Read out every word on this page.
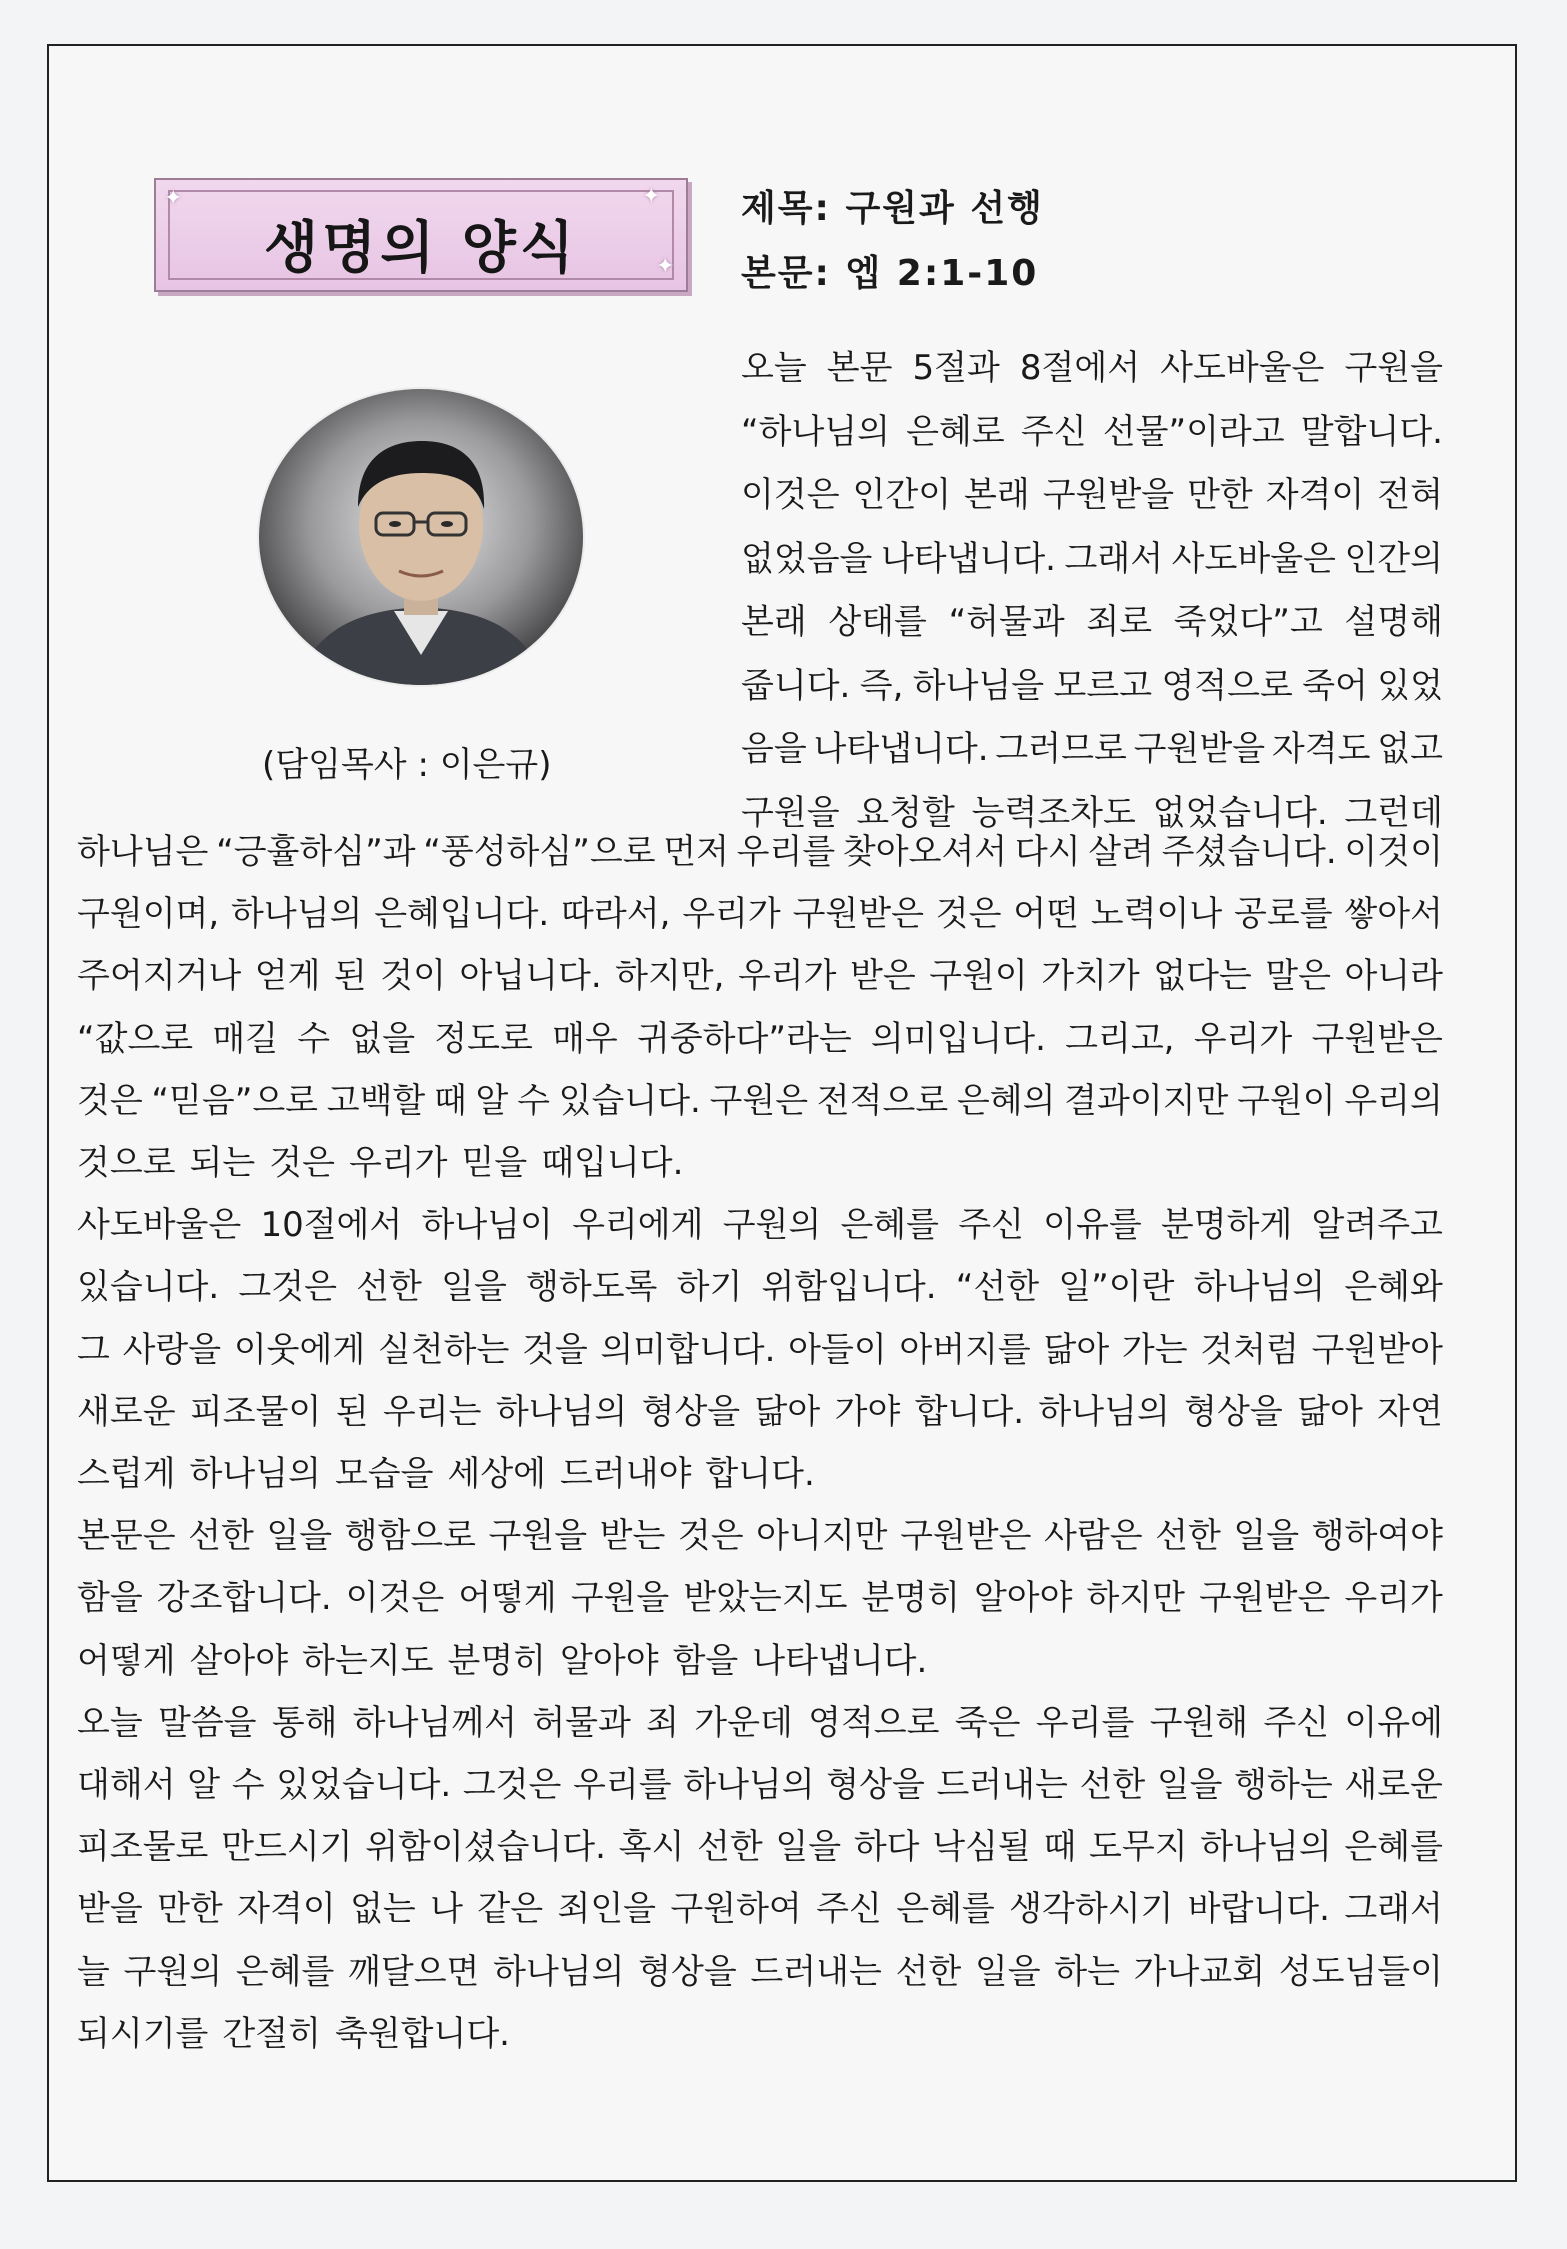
✦	✦
✦
생명의 양식
제목: 구원과 선행
본문: 엡 2:1-10
(담임목사 : 이은규)
오늘 본문 5절과 8절에서 사도바울은 구원을
“하나님의 은혜로 주신 선물”이라고 말합니다.
이것은 인간이 본래 구원받을 만한 자격이 전혀
없었음을 나타냅니다. 그래서 사도바울은 인간의
본래 상태를 “허물과 죄로 죽었다”고 설명해
줍니다. 즉, 하나님을 모르고 영적으로 죽어 있었
음을 나타냅니다. 그러므로 구원받을 자격도 없고
구원을 요청할 능력조차도 없었습니다. 그런데
하나님은 “긍휼하심”과 “풍성하심”으로 먼저 우리를 찾아오셔서 다시 살려 주셨습니다. 이것이
구원이며, 하나님의 은혜입니다. 따라서, 우리가 구원받은 것은 어떤 노력이나 공로를 쌓아서
주어지거나 얻게 된 것이 아닙니다. 하지만, 우리가 받은 구원이 가치가 없다는 말은 아니라
“값으로 매길 수 없을 정도로 매우 귀중하다”라는 의미입니다. 그리고, 우리가 구원받은
것은 “믿음”으로 고백할 때 알 수 있습니다. 구원은 전적으로 은혜의 결과이지만 구원이 우리의
것으로 되는 것은 우리가 믿을 때입니다.
사도바울은 10절에서 하나님이 우리에게 구원의 은혜를 주신 이유를 분명하게 알려주고
있습니다. 그것은 선한 일을 행하도록 하기 위함입니다. “선한 일”이란 하나님의 은혜와
그 사랑을 이웃에게 실천하는 것을 의미합니다. 아들이 아버지를 닮아 가는 것처럼 구원받아
새로운 피조물이 된 우리는 하나님의 형상을 닮아 가야 합니다. 하나님의 형상을 닮아 자연
스럽게 하나님의 모습을 세상에 드러내야 합니다.
본문은 선한 일을 행함으로 구원을 받는 것은 아니지만 구원받은 사람은 선한 일을 행하여야
함을 강조합니다. 이것은 어떻게 구원을 받았는지도 분명히 알아야 하지만 구원받은 우리가
어떻게 살아야 하는지도 분명히 알아야 함을 나타냅니다.
오늘 말씀을 통해 하나님께서 허물과 죄 가운데 영적으로 죽은 우리를 구원해 주신 이유에
대해서 알 수 있었습니다. 그것은 우리를 하나님의 형상을 드러내는 선한 일을 행하는 새로운
피조물로 만드시기 위함이셨습니다. 혹시 선한 일을 하다 낙심될 때 도무지 하나님의 은혜를
받을 만한 자격이 없는 나 같은 죄인을 구원하여 주신 은혜를 생각하시기 바랍니다. 그래서
늘 구원의 은혜를 깨달으면 하나님의 형상을 드러내는 선한 일을 하는 가나교회 성도님들이
되시기를 간절히 축원합니다.
